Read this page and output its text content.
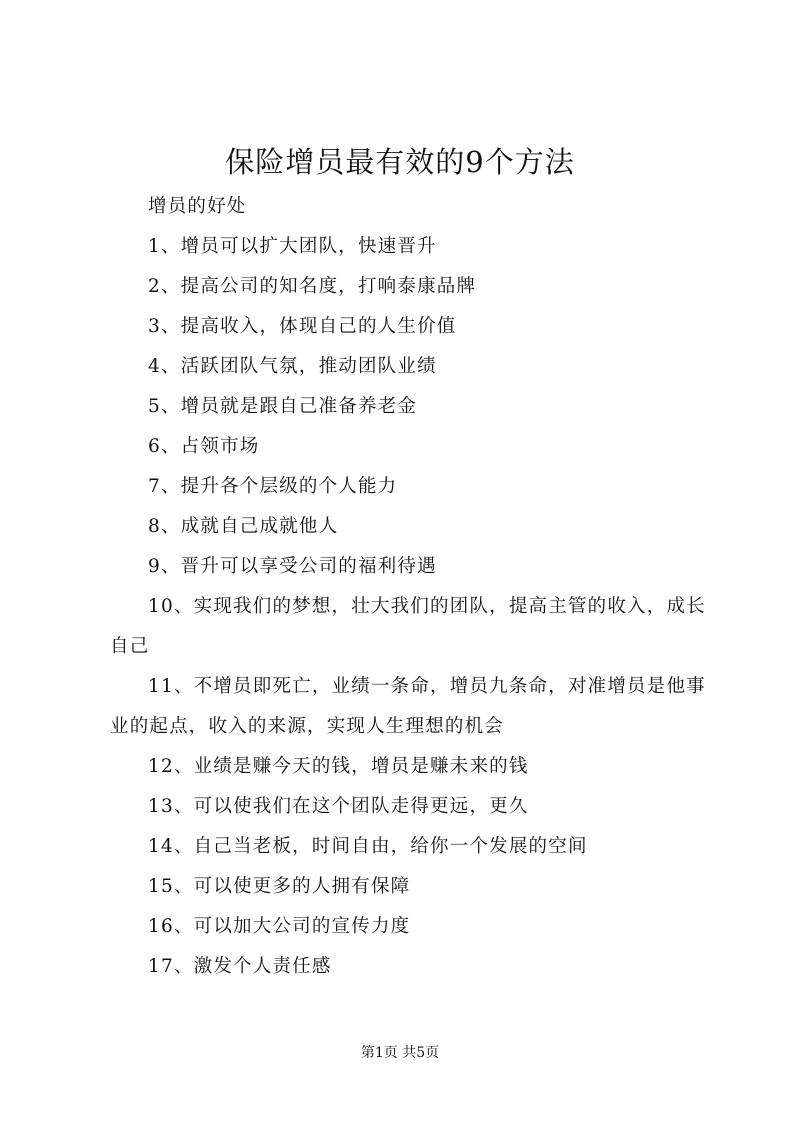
保险增员最有效的9个方法

增员的好处

1、增员可以扩大团队，快速晋升

2、提高公司的知名度，打响泰康品牌

3、提高收入，体现自己的人生价值

4、活跃团队气氛，推动团队业绩

5、增员就是跟自己准备养老金

6、占领市场

7、提升各个层级的个人能力

8、成就自己成就他人

9、晋升可以享受公司的福利待遇

10、实现我们的梦想，壮大我们的团队，提高主管的收入，成长自己

11、不增员即死亡，业绩一条命，增员九条命，对准增员是他事业的起点，收入的来源，实现人生理想的机会

12、业绩是赚今天的钱，增员是赚未来的钱

13、可以使我们在这个团队走得更远，更久

14、自己当老板，时间自由，给你一个发展的空间

15、可以使更多的人拥有保障

16、可以加大公司的宣传力度

17、激发个人责任感

第1页 共5页
